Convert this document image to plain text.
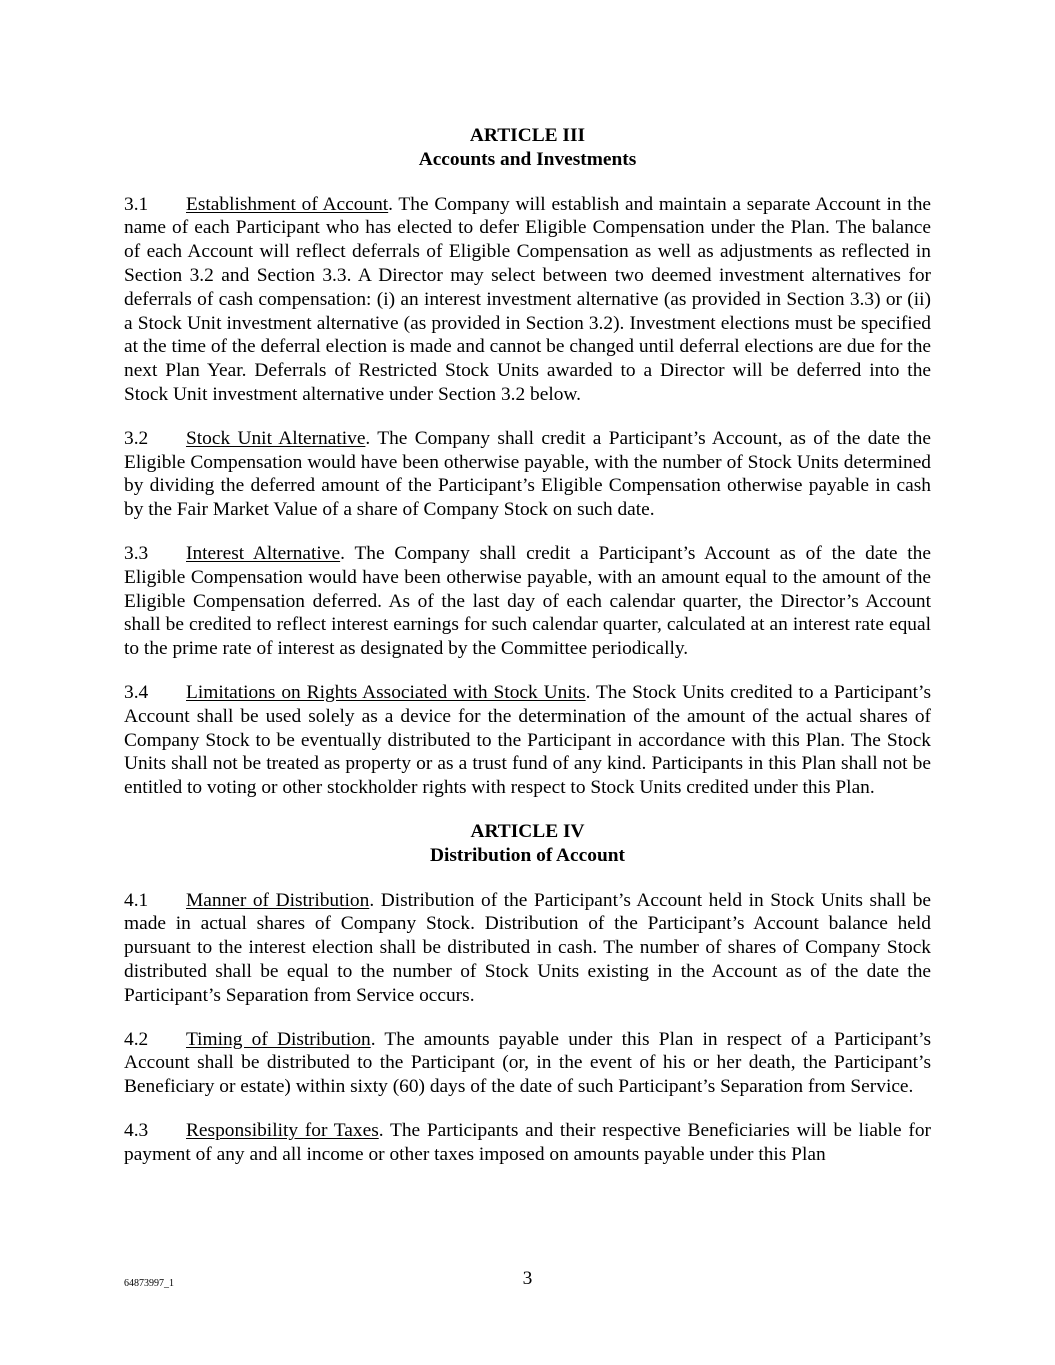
ARTICLE III
Accounts and Investments

3.1 Establishment of Account. The Company will establish and maintain a separate Account in the name of each Participant who has elected to defer Eligible Compensation under the Plan. The balance of each Account will reflect deferrals of Eligible Compensation as well as adjustments as reflected in Section 3.2 and Section 3.3. A Director may select between two deemed investment alternatives for deferrals of cash compensation: (i) an interest investment alternative (as provided in Section 3.3) or (ii) a Stock Unit investment alternative (as provided in Section 3.2). Investment elections must be specified at the time of the deferral election is made and cannot be changed until deferral elections are due for the next Plan Year. Deferrals of Restricted Stock Units awarded to a Director will be deferred into the Stock Unit investment alternative under Section 3.2 below.

3.2 Stock Unit Alternative. The Company shall credit a Participant’s Account, as of the date the Eligible Compensation would have been otherwise payable, with the number of Stock Units determined by dividing the deferred amount of the Participant’s Eligible Compensation otherwise payable in cash by the Fair Market Value of a share of Company Stock on such date.

3.3 Interest Alternative. The Company shall credit a Participant’s Account as of the date the Eligible Compensation would have been otherwise payable, with an amount equal to the amount of the Eligible Compensation deferred. As of the last day of each calendar quarter, the Director’s Account shall be credited to reflect interest earnings for such calendar quarter, calculated at an interest rate equal to the prime rate of interest as designated by the Committee periodically.

3.4 Limitations on Rights Associated with Stock Units. The Stock Units credited to a Participant’s Account shall be used solely as a device for the determination of the amount of the actual shares of Company Stock to be eventually distributed to the Participant in accordance with this Plan. The Stock Units shall not be treated as property or as a trust fund of any kind. Participants in this Plan shall not be entitled to voting or other stockholder rights with respect to Stock Units credited under this Plan.

ARTICLE IV
Distribution of Account

4.1 Manner of Distribution. Distribution of the Participant’s Account held in Stock Units shall be made in actual shares of Company Stock. Distribution of the Participant’s Account balance held pursuant to the interest election shall be distributed in cash. The number of shares of Company Stock distributed shall be equal to the number of Stock Units existing in the Account as of the date the Participant’s Separation from Service occurs.

4.2 Timing of Distribution. The amounts payable under this Plan in respect of a Participant’s Account shall be distributed to the Participant (or, in the event of his or her death, the Participant’s Beneficiary or estate) within sixty (60) days of the date of such Participant’s Separation from Service.

4.3 Responsibility for Taxes. The Participants and their respective Beneficiaries will be liable for payment of any and all income or other taxes imposed on amounts payable under this Plan

64873997_1	3
